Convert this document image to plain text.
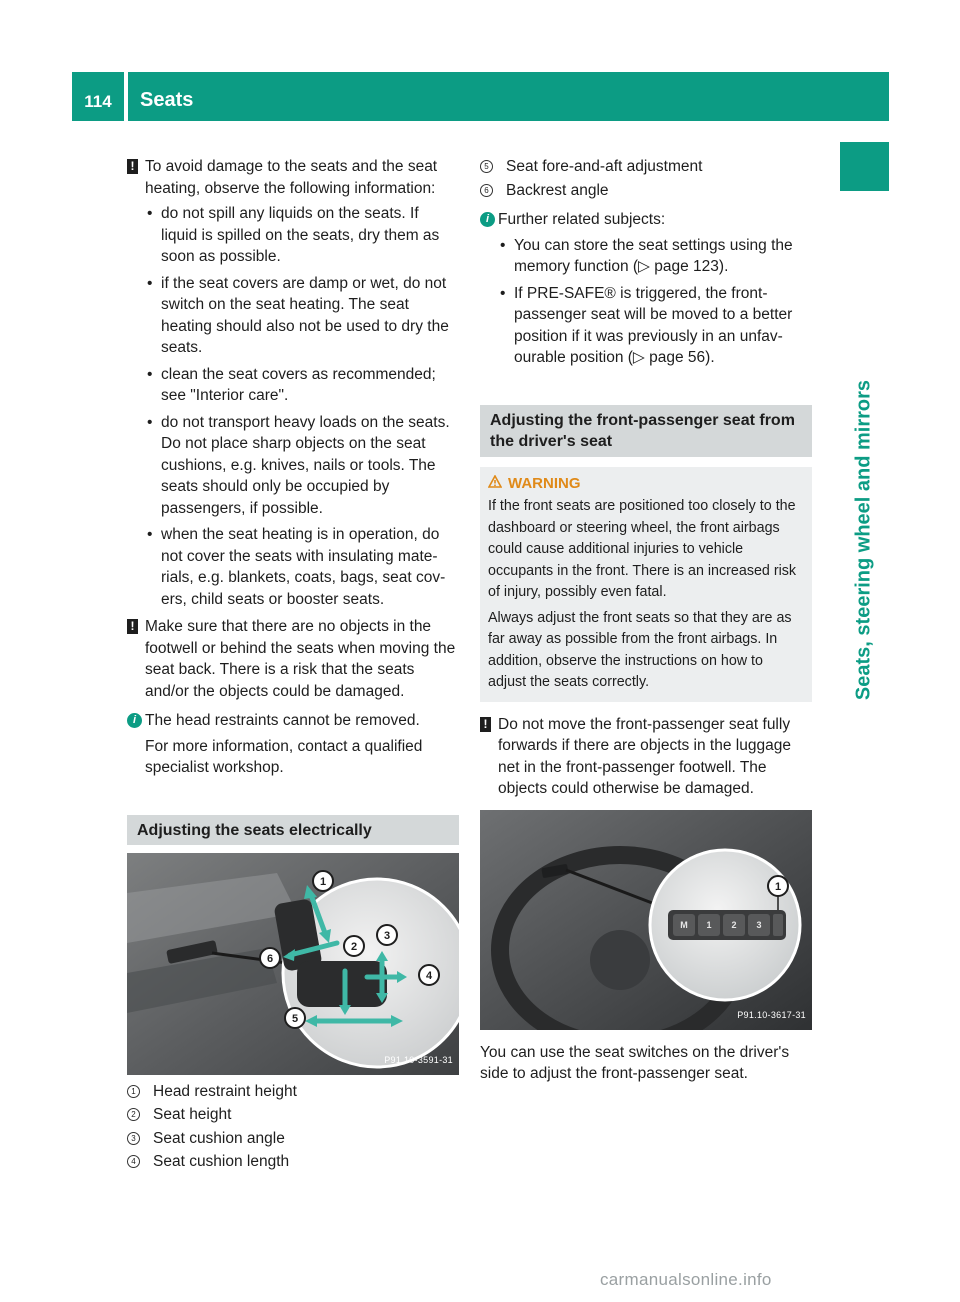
114	Seats
Seats, steering wheel and mirrors
! To avoid damage to the seats and the seat heating, observe the following information:
• do not spill any liquids on the seats. If liquid is spilled on the seats, dry them as soon as possible.
• if the seat covers are damp or wet, do not switch on the seat heating. The seat heating should also not be used to dry the seats.
• clean the seat covers as recommended; see "Interior care".
• do not transport heavy loads on the seats. Do not place sharp objects on the seat cushions, e.g. knives, nails or tools. The seats should only be occupied by passengers, if possible.
• when the seat heating is in operation, do not cover the seats with insulating mate-rials, e.g. blankets, coats, bags, seat cov-ers, child seats or booster seats.
! Make sure that there are no objects in the footwell or behind the seats when moving the seat back. There is a risk that the seats and/or the objects could be damaged.
i The head restraints cannot be removed.
For more information, contact a qualified specialist workshop.
Adjusting the seats electrically
1
2
3
4
5
6
P91.10-3591-31
1 Head restraint height
2 Seat height
3 Seat cushion angle
4 Seat cushion length
5 Seat fore-and-aft adjustment
6 Backrest angle
i Further related subjects:
• You can store the seat settings using the memory function (▷ page 123).
• If PRE-SAFE® is triggered, the front-passenger seat will be moved to a better position if it was previously in an unfav-ourable position (▷ page 56).
Adjusting the front-passenger seat from the driver's seat
WARNING

If the front seats are positioned too closely to the dashboard or steering wheel, the front airbags could cause additional injuries to vehicle occupants in the front. There is an increased risk of injury, possibly even fatal.

Always adjust the front seats so that they are as far away as possible from the front airbags. In addition, observe the instructions on how to adjust the seats correctly.

! Do not move the front-passenger seat fully forwards if there are objects in the luggage net in the front-passenger footwell. The objects could otherwise be damaged.
M 1 2 3
1
P91.10-3617-31

You can use the seat switches on the driver's side to adjust the front-passenger seat.

carmanualsonline.info
